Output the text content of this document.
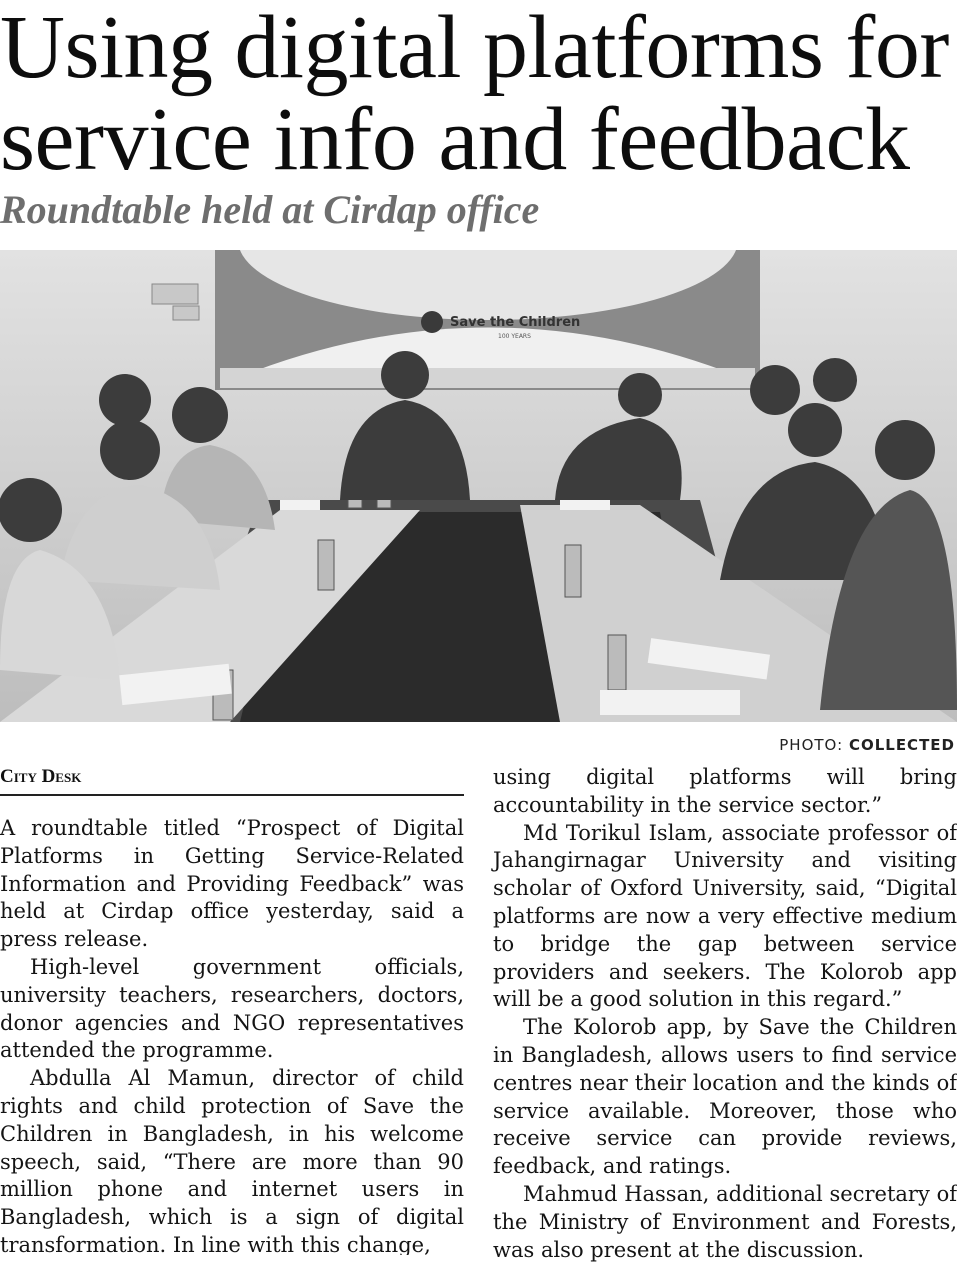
Using digital platforms for service info and feedback
Roundtable held at Cirdap office
Save the Children
100 YEARS
PHOTO: COLLECTED
City Desk

A roundtable titled “Prospect of Digital Platforms in Getting Service-Related Information and Providing Feedback” was held at Cirdap office yesterday, said a press release.

High-level government officials, university teachers, researchers, doctors, donor agencies and NGO representatives attended the programme.

Abdulla Al Mamun, director of child rights and child protection of Save the Children in Bangladesh, in his welcome speech, said, “There are more than 90 million phone and internet users in Bangladesh, which is a sign of digital transformation. In line with this change,

using digital platforms will bring accountability in the service sector.”

Md Torikul Islam, associate professor of Jahangirnagar University and visiting scholar of Oxford University, said, “Digital platforms are now a very effective medium to bridge the gap between service providers and seekers. The Kolorob app will be a good solution in this regard.”

The Kolorob app, by Save the Children in Bangladesh, allows users to find service centres near their location and the kinds of service available. Moreover, those who receive service can provide reviews, feedback, and ratings.

Mahmud Hassan, additional secretary of the Ministry of Environment and Forests, was also present at the discussion.
